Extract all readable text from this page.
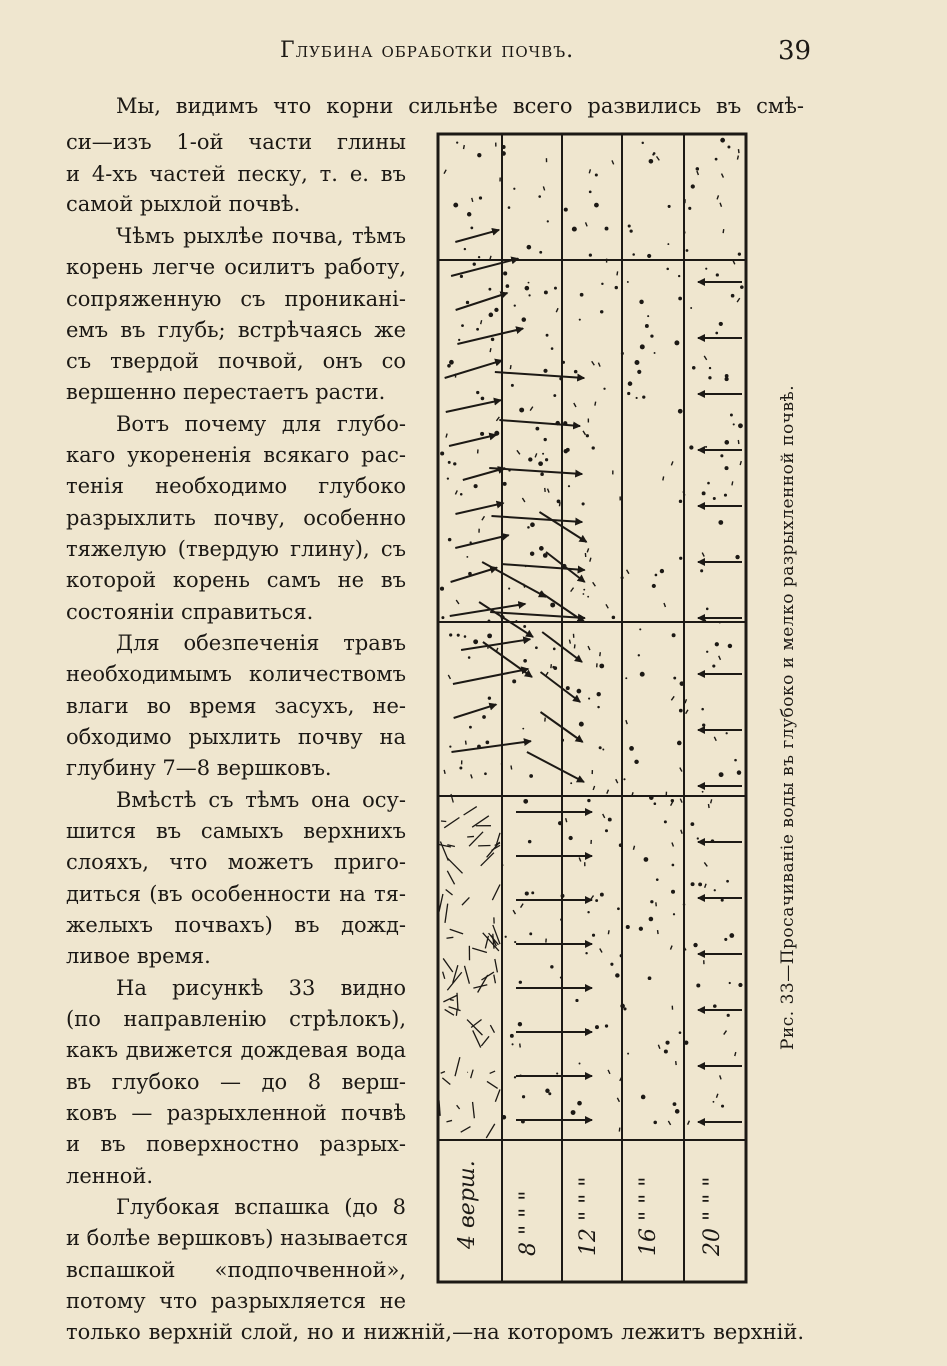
Глубина обработки почвъ.	39
Мы, видимъ что корни сильнѣе всего развились въ смѣ-
си—изъ 1-ой части глины
и 4-хъ частей песку, т. е. въ
самой рыхлой почвѣ.
Чѣмъ рыхлѣе почва, тѣмъ
корень легче осилитъ работу,
сопряженную съ проникані-
емъ въ глубь; встрѣчаясь же
съ твердой почвой, онъ со
вершенно перестаетъ расти.
Вотъ почему для глубо-
каго укорененія всякаго рас-
тенія необходимо глубоко
разрыхлить почву, особенно
тяжелую (твердую глину), съ
которой корень самъ не въ
состояніи справиться.
Для обезпеченія травъ
необходимымъ количествомъ
влаги во время засухъ, не-
обходимо рыхлить почву на
глубину 7—8 вершковъ.
Вмѣстѣ съ тѣмъ она осу-
шится въ самыхъ верхнихъ
слояхъ, что можетъ приго-
диться (въ особенности на тя-
желыхъ почвахъ) въ дожд-
ливое время.
На рисункѣ 33 видно
(по направленію стрѣлокъ),
какъ движется дождевая вода
въ глубоко — до 8 верш-
ковъ — разрыхленной почвѣ
и въ поверхностно разрых-
ленной.
Глубокая вспашка (до 8
и болѣе вершковъ) называется
вспашкой «подпочвенной»,
потому что разрыхляется не
только верхній слой, но и нижній,—на которомъ лежитъ верхній.
4 верш. 8 " " " 12 " " " 16 " " " 20 " " "
Рис. 33—Просачиваніе воды въ глубоко и мелко разрыхленной почвѣ.
